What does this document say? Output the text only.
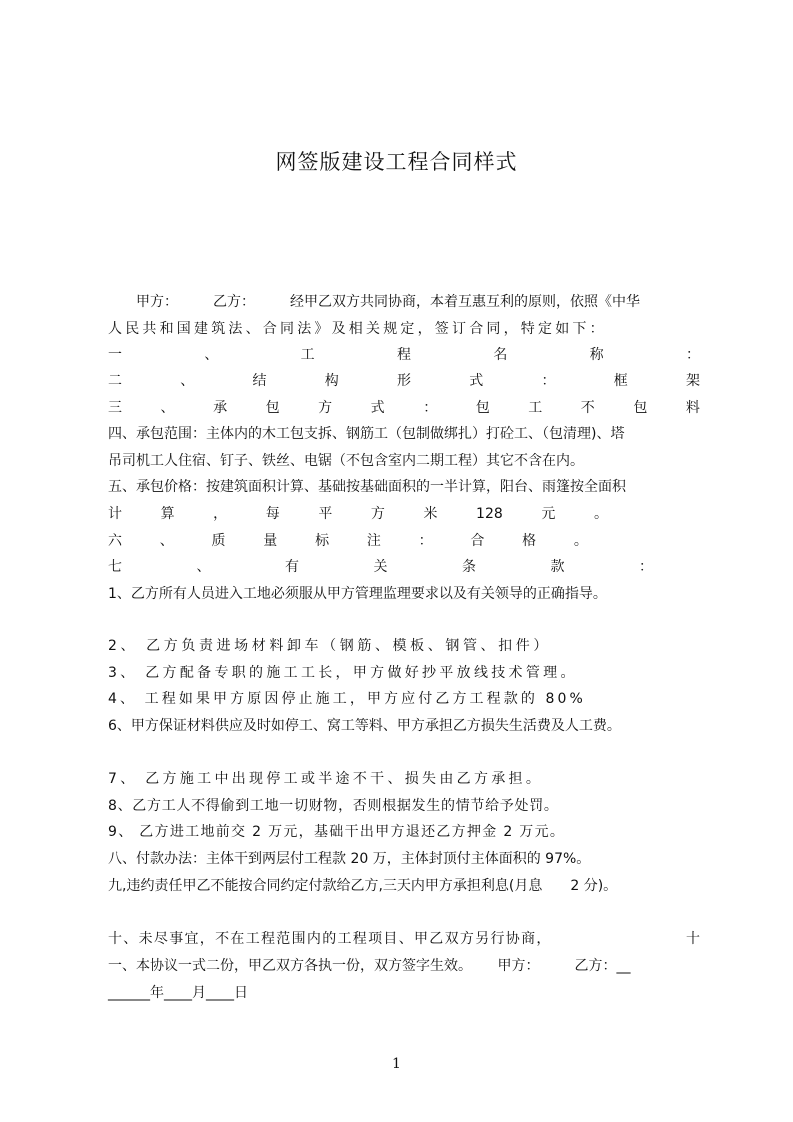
网签版建设工程合同样式
　　甲方：　　　乙方：　　　经甲乙双方共同协商，本着互惠互利的原则，依照《中华
人民共和国建筑法、合同法》及相关规定，签订合同，特定如下：
一	、	工	程	名	称	：
二	、	结	构	形	式	：	框	架
三	、	承	包	方	式	：	包	工	不	包	料
四、承包范围：主体内的木工包支拆、钢筋工（包制做绑扎）打砼工、（包清理)、塔
吊司机工人住宿、钉子、铁丝、电锯（不包含室内二期工程）其它不含在内。
五、承包价格：按建筑面积计算、基础按基础面积的一半计算，阳台、雨篷按全面积
计	算	，	每	平	方	米	128	元	。
六	、	质	量	标	注	：	合	格	。
七	、	有	关	条	款	：
1、乙方所有人员进入工地必须服从甲方管理监理要求以及有关领导的正确指导。
2、 乙方负责进场材料卸车（钢筋、模板、钢管、扣件）
3、 乙方配备专职的施工工长，甲方做好抄平放线技术管理。
4、 工程如果甲方原因停止施工，甲方应付乙方工程款的 80%
6、甲方保证材料供应及时如停工、窝工等料、甲方承担乙方损失生活费及人工费。
7、 乙方施工中出现停工或半途不干、损失由乙方承担。
8、乙方工人不得偷到工地一切财物，否则根据发生的情节给予处罚。
9、 乙方进工地前交 2 万元，基础干出甲方退还乙方押金 2 万元。
八、付款办法：主体干到两层付工程款 20 万，主体封顶付主体面积的 97%。
九,违约责任甲乙不能按合同约定付款给乙方,三天内甲方承担利息(月息　　2 分)。
十、未尽事宜，不在工程范围内的工程项目、甲乙双方另行协商，	十
一、本协议一式二份，甲乙双方各执一份，双方签字生效。　　 甲方：　　　乙方：__
______年____月____日
1
